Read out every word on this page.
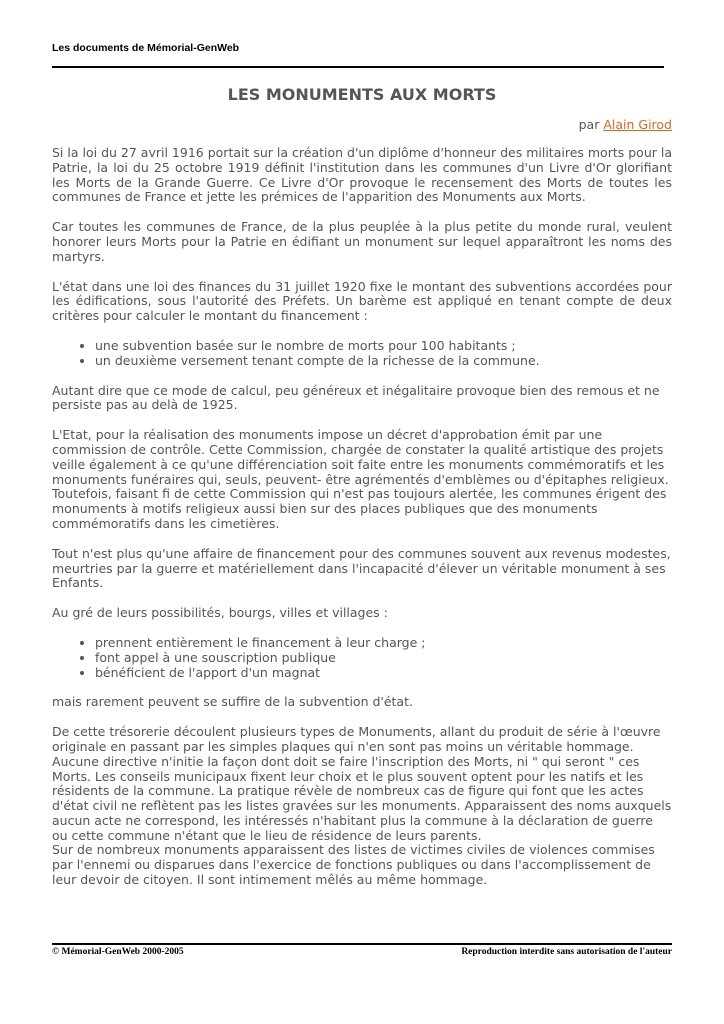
Les documents de Mémorial-GenWeb
LES MONUMENTS AUX MORTS
par Alain Girod

Si la loi du 27 avril 1916 portait sur la création d'un diplôme d'honneur des militaires morts pour la Patrie, la loi du 25 octobre 1919 définit l'institution dans les communes d'un Livre d'Or glorifiant les Morts de la Grande Guerre. Ce Livre d'Or provoque le recensement des Morts de toutes les communes de France et jette les prémices de l'apparition des Monuments aux Morts.

Car toutes les communes de France, de la plus peuplée à la plus petite du monde rural, veulent honorer leurs Morts pour la Patrie en édifiant un monument sur lequel apparaîtront les noms des martyrs.

L'état dans une loi des finances du 31 juillet 1920 fixe le montant des subventions accordées pour les édifications, sous l'autorité des Préfets. Un barème est appliqué en tenant compte de deux critères pour calculer le montant du financement :

• une subvention basée sur le nombre de morts pour 100 habitants ;
• un deuxième versement tenant compte de la richesse de la commune.

Autant dire que ce mode de calcul, peu généreux et inégalitaire provoque bien des remous et ne persiste pas au delà de 1925.

L'Etat, pour la réalisation des monuments impose un décret d'approbation émit par une commission de contrôle. Cette Commission, chargée de constater la qualité artistique des projets veille également à ce qu'une différenciation soit faite entre les monuments commémoratifs et les monuments funéraires qui, seuls, peuvent- être agrémentés d'emblèmes ou d'épitaphes religieux. Toutefois, faisant fi de cette Commission qui n'est pas toujours alertée, les communes érigent des monuments à motifs religieux aussi bien sur des places publiques que des monuments commémoratifs dans les cimetières.

Tout n'est plus qu'une affaire de financement pour des communes souvent aux revenus modestes, meurtries par la guerre et matériellement dans l'incapacité d'élever un véritable monument à ses Enfants.

Au gré de leurs possibilités, bourgs, villes et villages :

• prennent entièrement le financement à leur charge ;
• font appel à une souscription publique
• bénéficient de l'apport d'un magnat

mais rarement peuvent se suffire de la subvention d'état.

De cette trésorerie découlent plusieurs types de Monuments, allant du produit de série à l'œuvre originale en passant par les simples plaques qui n'en sont pas moins un véritable hommage. Aucune directive n'initie la façon dont doit se faire l'inscription des Morts, ni " qui seront " ces Morts. Les conseils municipaux fixent leur choix et le plus souvent optent pour les natifs et les résidents de la commune. La pratique révèle de nombreux cas de figure qui font que les actes d'état civil ne reflètent pas les listes gravées sur les monuments. Apparaissent des noms auxquels aucun acte ne correspond, les intéressés n'habitant plus la commune à la déclaration de guerre ou cette commune n'étant que le lieu de résidence de leurs parents.

Sur de nombreux monuments apparaissent des listes de victimes civiles de violences commises par l'ennemi ou disparues dans l'exercice de fonctions publiques ou dans l'accomplissement de leur devoir de citoyen. Il sont intimement mêlés au même hommage.

© Mémorial-GenWeb 2000-2005	Reproduction interdite sans autorisation de l'auteur
